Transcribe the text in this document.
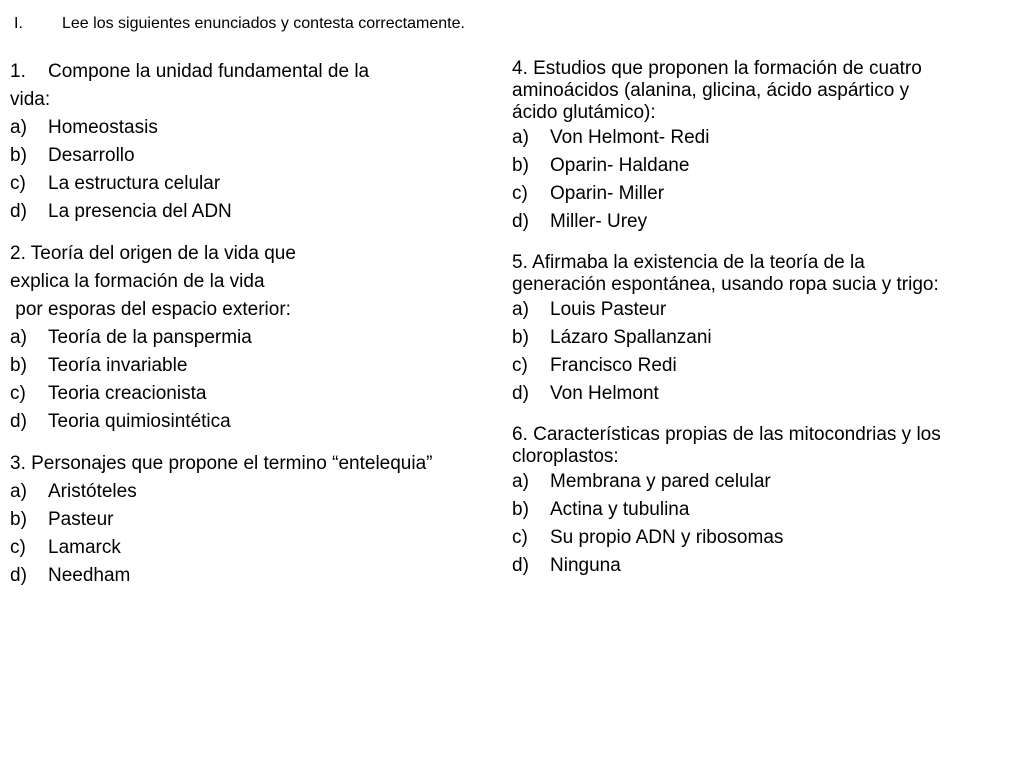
I. Lee los siguientes enunciados y contesta correctamente.
1. Compone la unidad fundamental de la
vida:
a) Homeostasis
b) Desarrollo
c) La estructura celular
d) La presencia del ADN
2. Teoría del origen de la vida que
explica la formación de la vida
por esporas del espacio exterior:
a) Teoría de la panspermia
b) Teoría invariable
c) Teoria creacionista
d) Teoria quimiosintética
3. Personajes que propone el termino “entelequia”
a) Aristóteles
b) Pasteur
c) Lamarck
d) Needham
4. Estudios que proponen la formación de cuatro
aminoácidos (alanina, glicina, ácido aspártico y
ácido glutámico):
a) Von Helmont- Redi
b) Oparin- Haldane
c) Oparin- Miller
d) Miller- Urey
5. Afirmaba la existencia de la teoría de la
generación espontánea, usando ropa sucia y trigo:
a) Louis Pasteur
b) Lázaro Spallanzani
c) Francisco Redi
d) Von Helmont
6. Características propias de las mitocondrias y los
cloroplastos:
a) Membrana y pared celular
b) Actina y tubulina
c) Su propio ADN y ribosomas
d) Ninguna
